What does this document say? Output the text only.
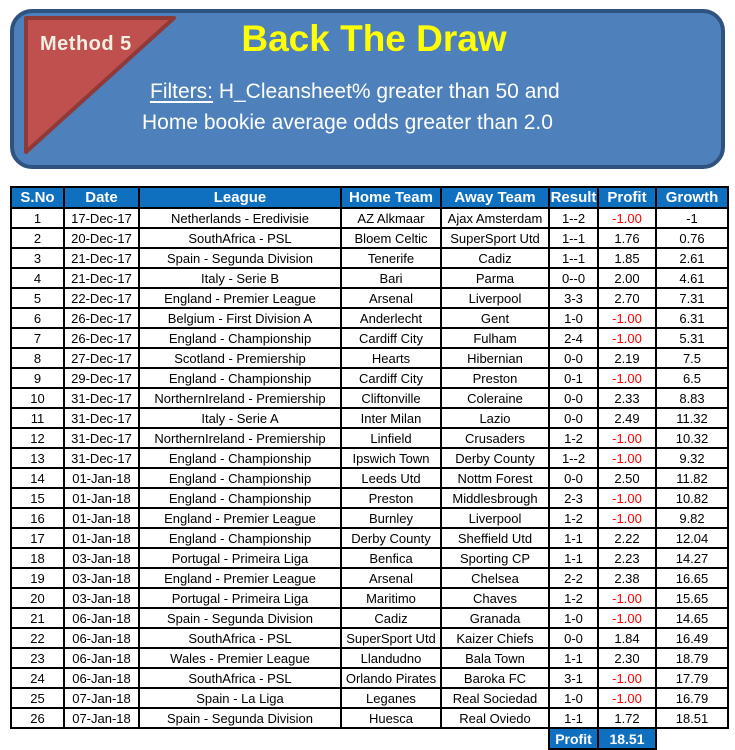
Method 5	Back The Draw
Filters: H_Cleansheet% greater than 50 and
Home bookie average odds greater than 2.0
S.No	Date	League	Home Team	Away Team	Result	Profit	Growth
1	17-Dec-17	Netherlands - Eredivisie	AZ Alkmaar	Ajax Amsterdam	1--2	-1.00	-1
2	20-Dec-17	SouthAfrica - PSL	Bloem Celtic	SuperSport Utd	1--1	1.76	0.76
3	21-Dec-17	Spain - Segunda Division	Tenerife	Cadiz	1--1	1.85	2.61
4	21-Dec-17	Italy - Serie B	Bari	Parma	0--0	2.00	4.61
5	22-Dec-17	England - Premier League	Arsenal	Liverpool	3-3	2.70	7.31
6	26-Dec-17	Belgium - First Division A	Anderlecht	Gent	1-0	-1.00	6.31
7	26-Dec-17	England - Championship	Cardiff City	Fulham	2-4	-1.00	5.31
8	27-Dec-17	Scotland - Premiership	Hearts	Hibernian	0-0	2.19	7.5
9	29-Dec-17	England - Championship	Cardiff City	Preston	0-1	-1.00	6.5
10	31-Dec-17	NorthernIreland - Premiership	Cliftonville	Coleraine	0-0	2.33	8.83
11	31-Dec-17	Italy - Serie A	Inter Milan	Lazio	0-0	2.49	11.32
12	31-Dec-17	NorthernIreland - Premiership	Linfield	Crusaders	1-2	-1.00	10.32
13	31-Dec-17	England - Championship	Ipswich Town	Derby County	1--2	-1.00	9.32
14	01-Jan-18	England - Championship	Leeds Utd	Nottm Forest	0-0	2.50	11.82
15	01-Jan-18	England - Championship	Preston	Middlesbrough	2-3	-1.00	10.82
16	01-Jan-18	England - Premier League	Burnley	Liverpool	1-2	-1.00	9.82
17	01-Jan-18	England - Championship	Derby County	Sheffield Utd	1-1	2.22	12.04
18	03-Jan-18	Portugal - Primeira Liga	Benfica	Sporting CP	1-1	2.23	14.27
19	03-Jan-18	England - Premier League	Arsenal	Chelsea	2-2	2.38	16.65
20	03-Jan-18	Portugal - Primeira Liga	Maritimo	Chaves	1-2	-1.00	15.65
21	06-Jan-18	Spain - Segunda Division	Cadiz	Granada	1-0	-1.00	14.65
22	06-Jan-18	SouthAfrica - PSL	SuperSport Utd	Kaizer Chiefs	0-0	1.84	16.49
23	06-Jan-18	Wales - Premier League	Llandudno	Bala Town	1-1	2.30	18.79
24	06-Jan-18	SouthAfrica - PSL	Orlando Pirates	Baroka FC	3-1	-1.00	17.79
25	07-Jan-18	Spain - La Liga	Leganes	Real Sociedad	1-0	-1.00	16.79
26	07-Jan-18	Spain - Segunda Division	Huesca	Real Oviedo	1-1	1.72	18.51
					Profit	18.51	
